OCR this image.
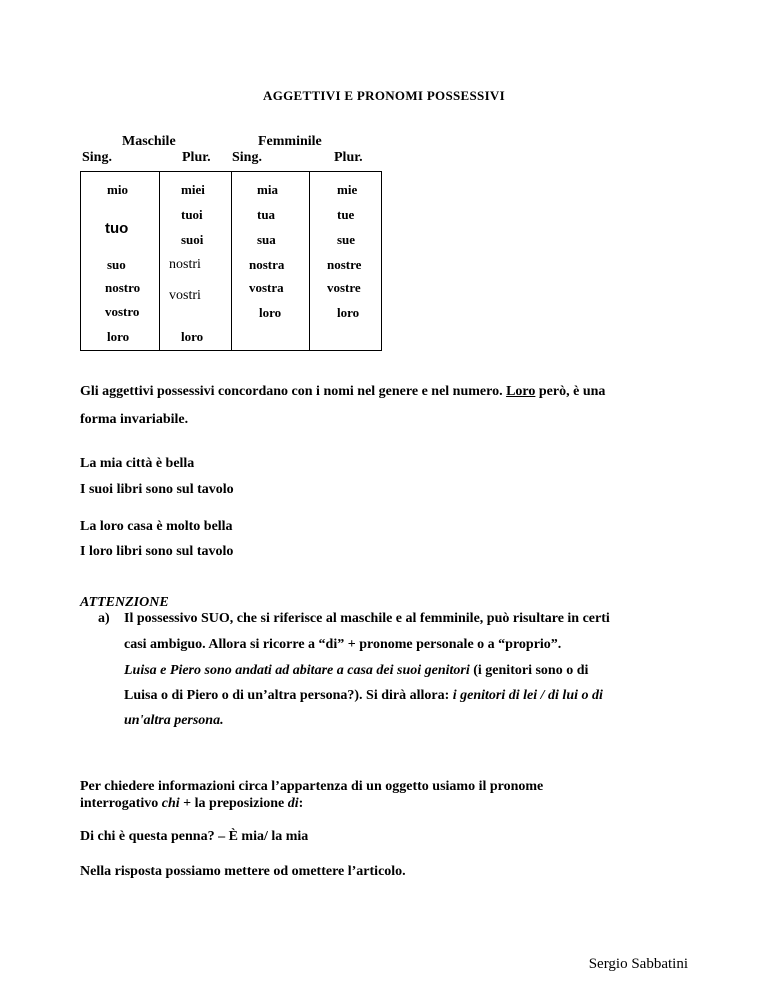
AGGETTIVI E PRONOMI POSSESSIVI
Maschile
Sing.	Plur.
Femminile
Sing.	Plur.
mio
tuo
suo
nostro
vostro
loro
miei
tuoi
suoi
nostri
vostri
loro
mia
tua
sua
nostra
vostra
loro
mie
tue
sue
nostre
vostre
loro
Gli aggettivi possessivi concordano con i nomi nel genere e nel numero. Loro però, è una
forma invariabile.
La mia città è bella
I suoi libri sono sul tavolo
La loro casa è molto bella
I loro libri sono sul tavolo
ATTENZIONE
a) Il possessivo SUO, che si riferisce al maschile e al femminile, può risultare in certi
casi ambiguo. Allora si ricorre a “di” + pronome personale o a “proprio”.
Luisa e Piero sono andati ad abitare a casa dei suoi genitori (i genitori sono o di
Luisa o di Piero o di un’altra persona?). Si dirà allora: i genitori di lei / di lui o di
un'altra persona.
Per chiedere informazioni circa l’appartenza di un oggetto usiamo il pronome
interrogativo chi + la preposizione di:
Di chi è questa penna? – È mia/ la mia
Nella risposta possiamo mettere od omettere l’articolo.
Sergio Sabbatini
